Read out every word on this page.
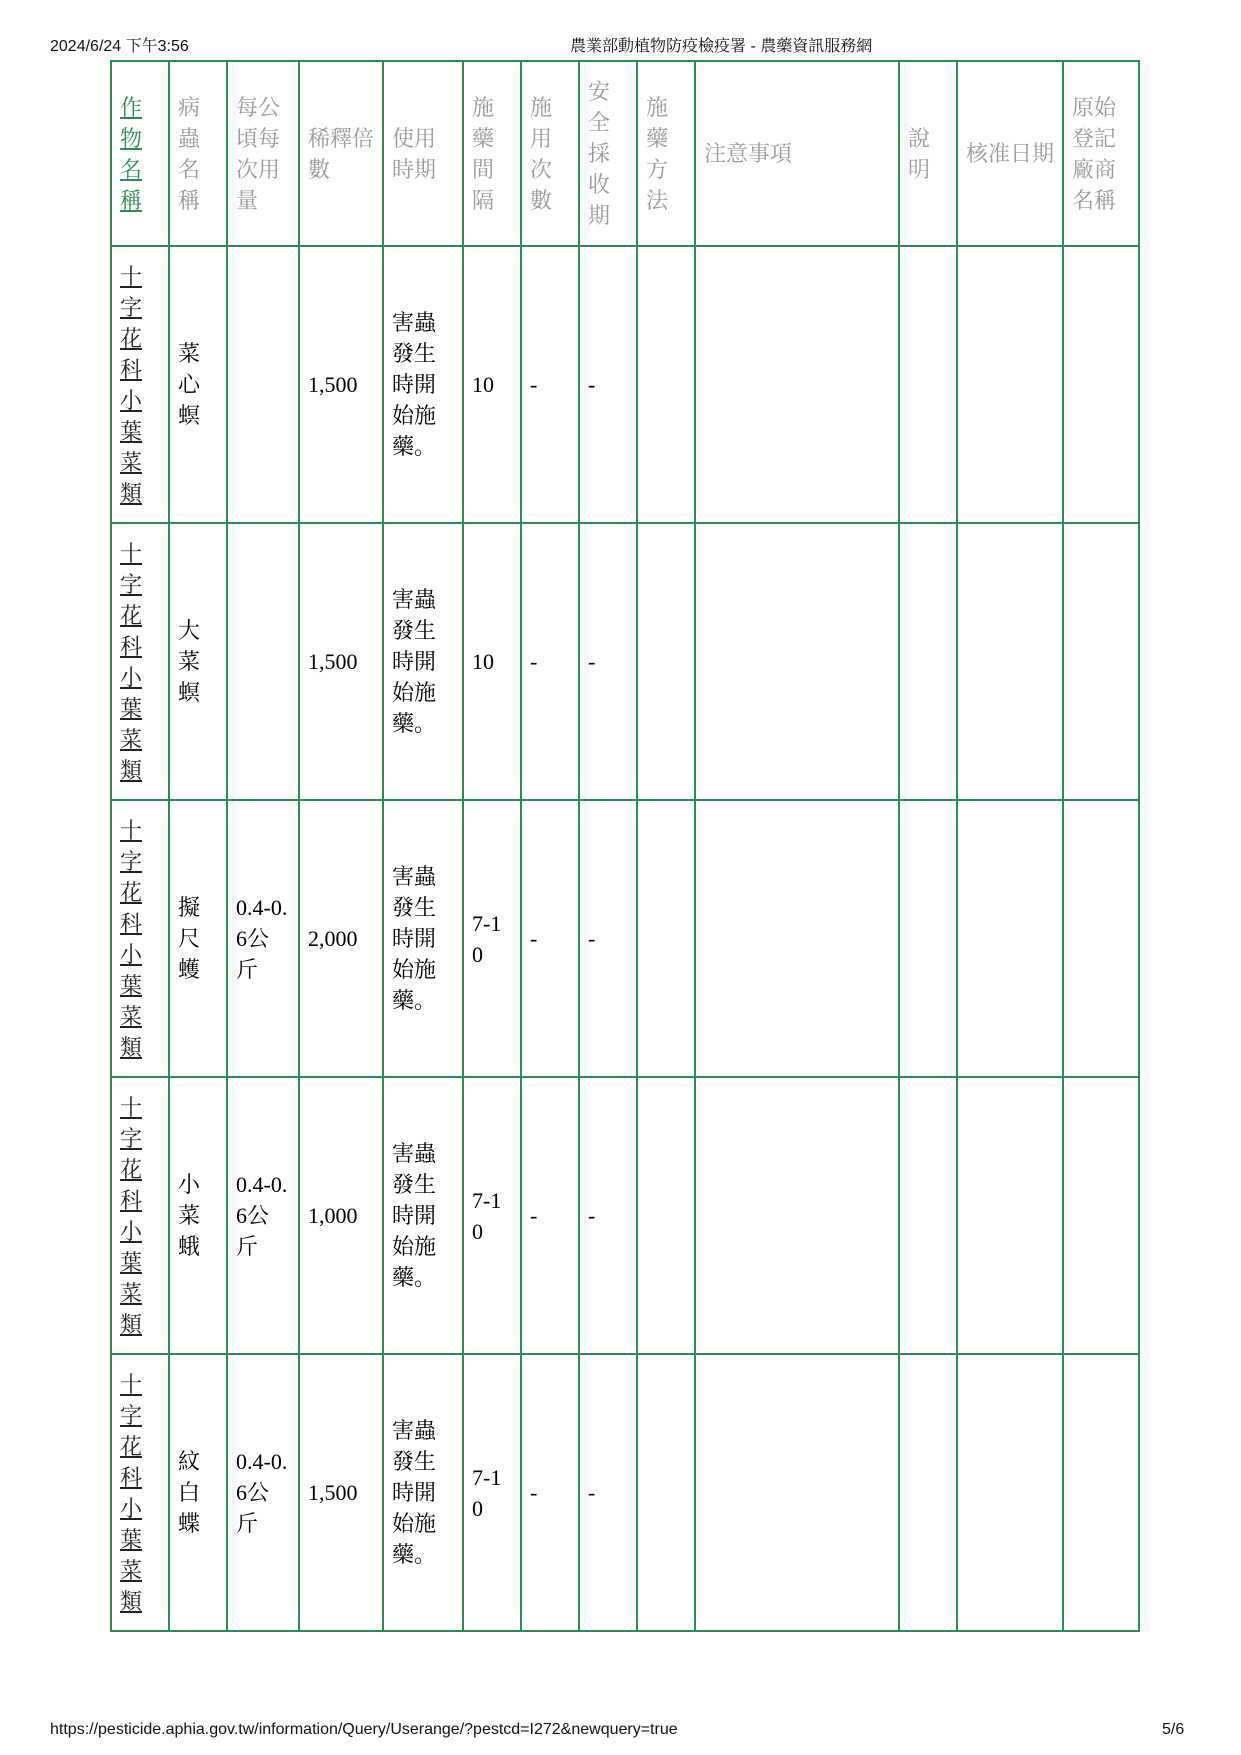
2024/6/24 下午3:56	農業部動植物防疫檢疫署 - 農藥資訊服務網
作物名稱	病蟲名稱	每公頃每次用量	稀釋倍數	使用時期	施藥間隔	施用次數	安全採收期	施藥方法	注意事項	說明	核准日期	原始登記廠商名稱
十字花科小葉菜類	菜心螟		1,500	害蟲發生時開始施藥。	10	-	-					
十字花科小葉菜類	大菜螟		1,500	害蟲發生時開始施藥。	10	-	-					
十字花科小葉菜類	擬尺蠖	0.4-0.6公斤	2,000	害蟲發生時開始施藥。	7-10	-	-					
十字花科小葉菜類	小菜蛾	0.4-0.6公斤	1,000	害蟲發生時開始施藥。	7-10	-	-					
十字花科小葉菜類	紋白蝶	0.4-0.6公斤	1,500	害蟲發生時開始施藥。	7-10	-	-					
https://pesticide.aphia.gov.tw/information/Query/Userange/?pestcd=I272&newquery=true	5/6
